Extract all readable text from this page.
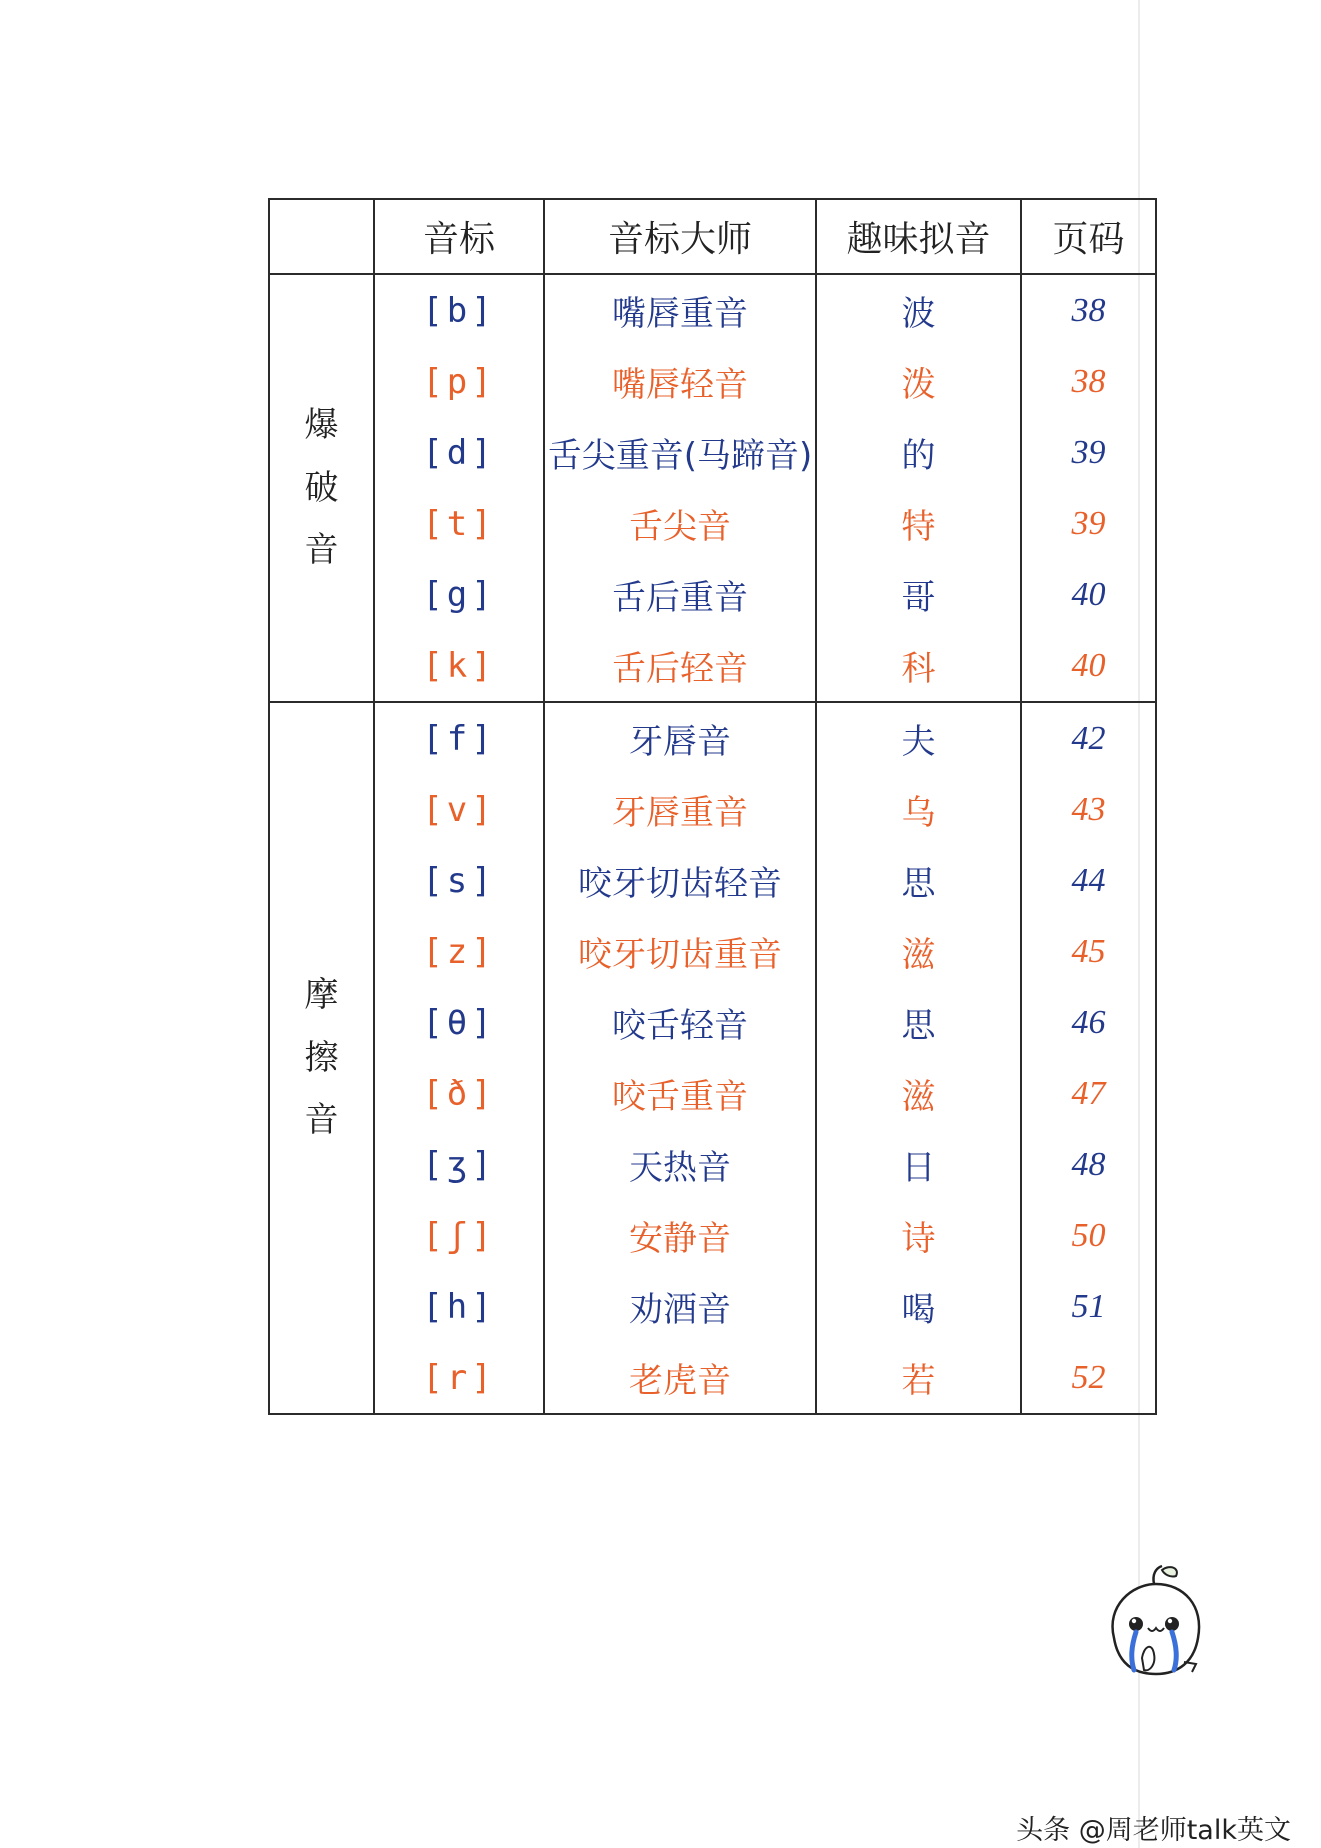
	音标	音标大师	趣味拟音	页码

爆
破
音	[b]	嘴唇重音	波	38
	[p]	嘴唇轻音	泼	38
	[d]	舌尖重音(马蹄音)	的	39
	[t]	舌尖音	特	39
	[g]	舌后重音	哥	40
	[k]	舌后轻音	科	40

摩
擦
音	[f]	牙唇音	夫	42
	[v]	牙唇重音	乌	43
	[s]	咬牙切齿轻音	思	44
	[z]	咬牙切齿重音	滋	45
	[θ]	咬舌轻音	思	46
	[ð]	咬舌重音	滋	47
	[ʒ]	天热音	日	48
	[ʃ]	安静音	诗	50
	[h]	劝酒音	喝	51
	[r]	老虎音	若	52
头条 @周老师talk英文
